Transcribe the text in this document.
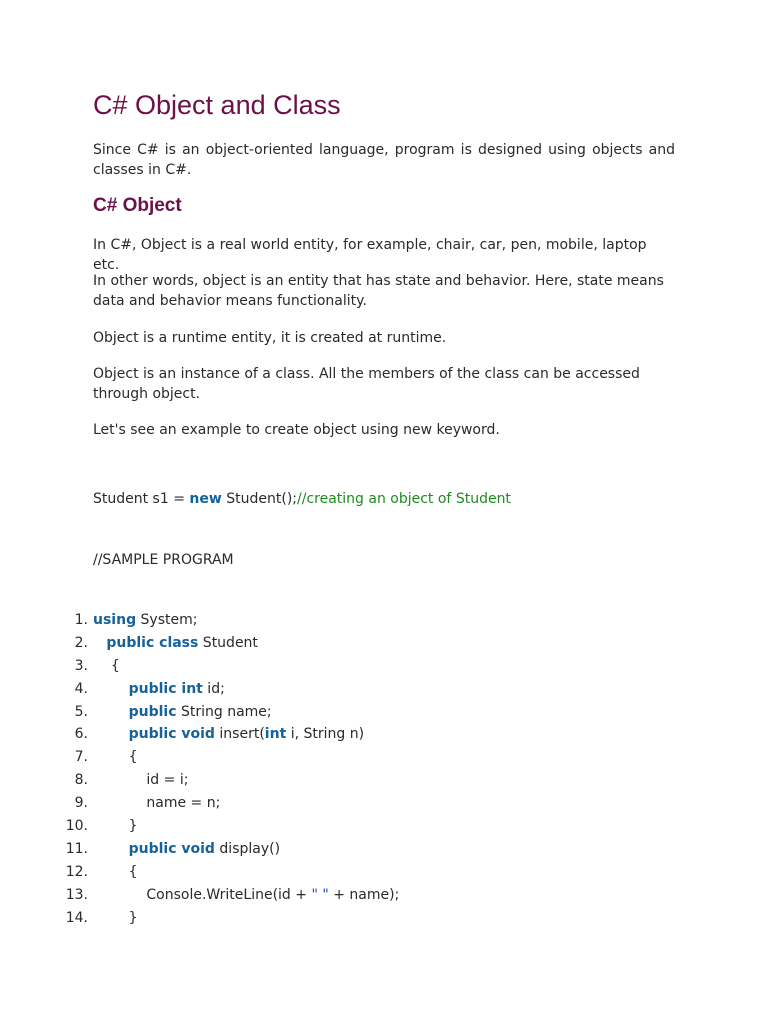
C# Object and Class

Since C# is an object-oriented language, program is designed using objects and classes in C#.

C# Object

In C#, Object is a real world entity, for example, chair, car, pen, mobile, laptop etc.

In other words, object is an entity that has state and behavior. Here, state means data and behavior means functionality.

Object is a runtime entity, it is created at runtime.

Object is an instance of a class. All the members of the class can be accessed through object.

Let's see an example to create object using new keyword.

Student s1 = new Student();//creating an object of Student

//SAMPLE PROGRAM

1. using System;
2.	public class Student
3.	{
4.	public int id;
5.	public String name;
6.	public void insert(int i, String n)
7.	{
8.	id = i;
9.	name = n;
10.	}
11.	public void display()
12.	{
13.	Console.WriteLine(id + " " + name);
14.	}
